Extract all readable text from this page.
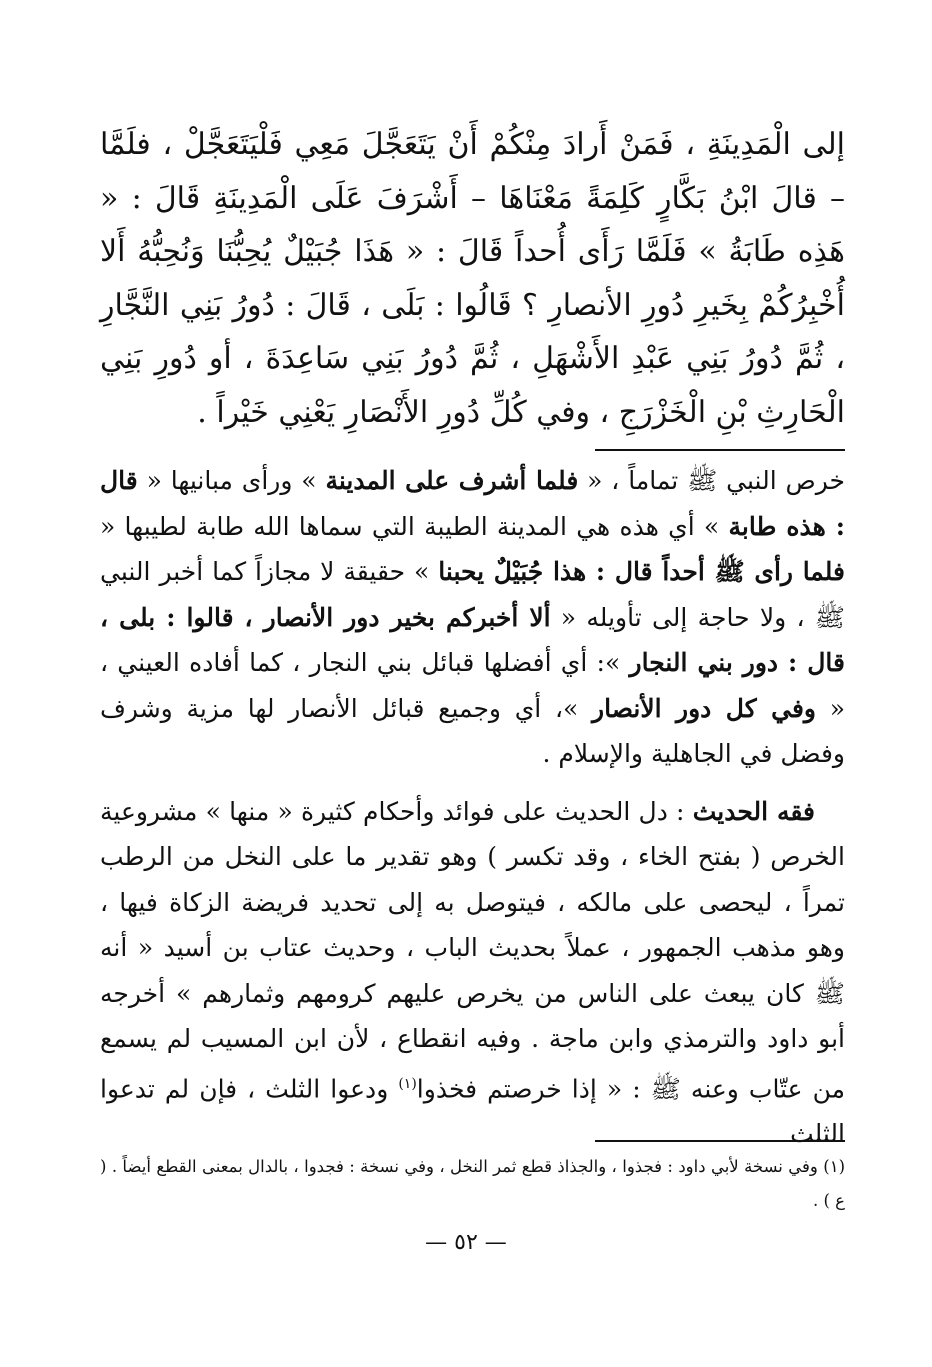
إلى الْمَدِينَةِ ، فَمَنْ أَرادَ مِنْكُمْ أَنْ يَتَعَجَّلَ مَعِي فَلْيَتَعَجَّلْ ، فلَمَّا – قالَ ابْنُ بَكَّارٍ كَلِمَةً مَعْنَاهَا – أَشْرَفَ عَلَى الْمَدِينَةِ قَالَ : « هَذِه طَابَةُ » فَلَمَّا رَأَى أُحداً قَالَ : « هَذَا جُبَيْلٌ يُحِبُّنَا وَنُحِبُّهُ أَلا أُخْبِرُكُمْ بِخَيرِ دُورِ الأنصارِ ؟ قَالُوا : بَلَى ، قَالَ : دُورُ بَنِي النَّجَّارِ ، ثُمَّ دُورُ بَنِي عَبْدِ الأَشْهَلِ ، ثُمَّ دُورُ بَنِي سَاعِدَةَ ، أو دُورِ بَنِي الْحَارِثِ بْنِ الْخَزْرَجِ ، وفي كُلِّ دُورِ الأَنْصَارِ يَعْنِي خَيْراً .

خرص النبي ﷺ تماماً ، « فلما أشرف على المدينة » ورأى مبانيها « قال : هذه طابة » أي هذه هي المدينة الطيبة التي سماها الله طابة لطيبها « فلما رأى ﷺ أحداً قال : هذا جُبَيْلٌ يحبنا » حقيقة لا مجازاً كما أخبر النبي ﷺ ، ولا حاجة إلى تأويله « ألا أخبركم بخير دور الأنصار ، قالوا : بلى ، قال : دور بني النجار »: أي أفضلها قبائل بني النجار ، كما أفاده العيني ، « وفي كل دور الأنصار »، أي وجميع قبائل الأنصار لها مزية وشرف وفضل في الجاهلية والإسلام .

فقه الحديث : دل الحديث على فوائد وأحكام كثيرة « منها » مشروعية الخرص ( بفتح الخاء ، وقد تكسر ) وهو تقدير ما على النخل من الرطب تمراً ، ليحصى على مالكه ، فيتوصل به إلى تحديد فريضة الزكاة فيها ، وهو مذهب الجمهور ، عملاً بحديث الباب ، وحديث عتاب بن أسيد « أنه ﷺ كان يبعث على الناس من يخرص عليهم كرومهم وثمارهم » أخرجه أبو داود والترمذي وابن ماجة . وفيه انقطاع ، لأن ابن المسيب لم يسمع من عتّاب وعنه ﷺ : « إذا خرصتم فخذوا$^{(١)}$ ودعوا الثلث ، فإن لم تدعوا الثلث

(١) وفي نسخة لأبي داود : فجذوا ، والجذاذ قطع ثمر النخل ، وفي نسخة : فجدوا ، بالدال بمعنى القطع أيضاً . ( ع ) .
— ٥٢ —
